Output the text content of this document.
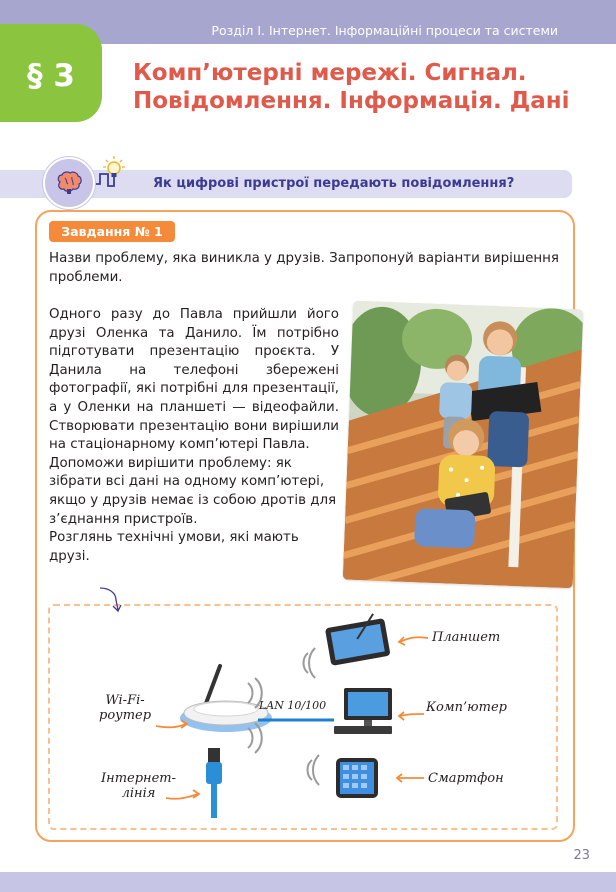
Розділ І. Інтернет. Інформаційні процеси та системи
§ 3	Комп’ютерні мережі. Сигнал. Повідомлення. Інформація. Дані
Як цифрові пристрої передають повідомлення?
Завдання № 1

Назви проблему, яка виникла у друзів. Запропонуй варіанти вирішення проблеми.

Одного разу до Павла прийшли його друзі Оленка та Данило. Їм потрібно підготувати презентацію проєкта. У Данила на телефоні збережені фотографії, які потрібні для презентації, а у Оленки на планшеті — відеофайли. Створювати презентацію вони вирішили на стаціонарному комп’ютері Павла.
Допоможи вирішити проблему: як зібрати всі дані на одному комп’ютері, якщо у друзів немає із собою дротів для з’єднання пристроїв.
Розглянь технічні умови, які мають друзі.
Wi-Fi-
роутер
Інтернет-
лінія
LAN 10/100
Планшет
Комп’ютер
Смартфон
23
